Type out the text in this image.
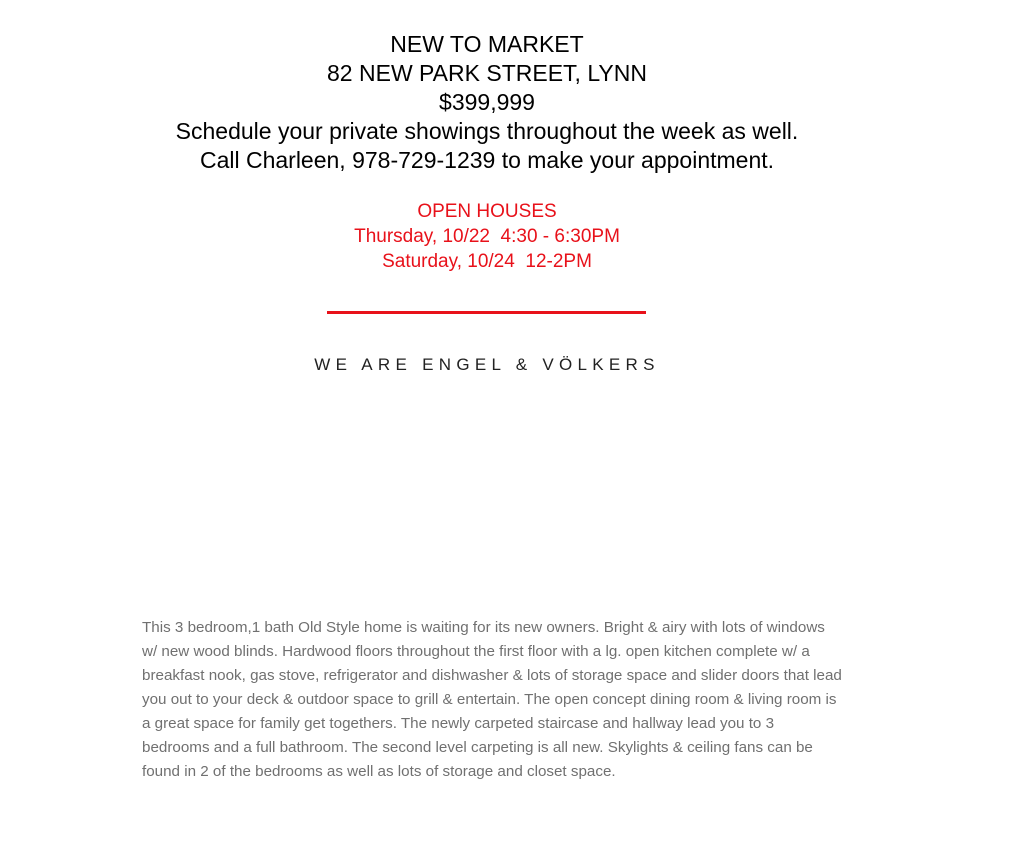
NEW TO MARKET
82 NEW PARK STREET, LYNN
$399,999
Schedule your private showings throughout the week as well.
Call Charleen, 978-729-1239 to make your appointment.
OPEN HOUSES
Thursday, 10/22  4:30 - 6:30PM
Saturday, 10/24  12-2PM
WE ARE ENGEL & VÖLKERS
This 3 bedroom,1 bath Old Style home is waiting for its new owners. Bright & airy with lots of windows w/ new wood blinds. Hardwood floors throughout the first floor with a lg. open kitchen complete w/ a breakfast nook, gas stove, refrigerator and dishwasher & lots of storage space and slider doors that lead you out to your deck & outdoor space to grill & entertain. The open concept dining room & living room is a great space for family get togethers. The newly carpeted staircase and hallway lead you to 3 bedrooms and a full bathroom. The second level carpeting is all new. Skylights & ceiling fans can be found in 2 of the bedrooms as well as lots of storage and closet space.
